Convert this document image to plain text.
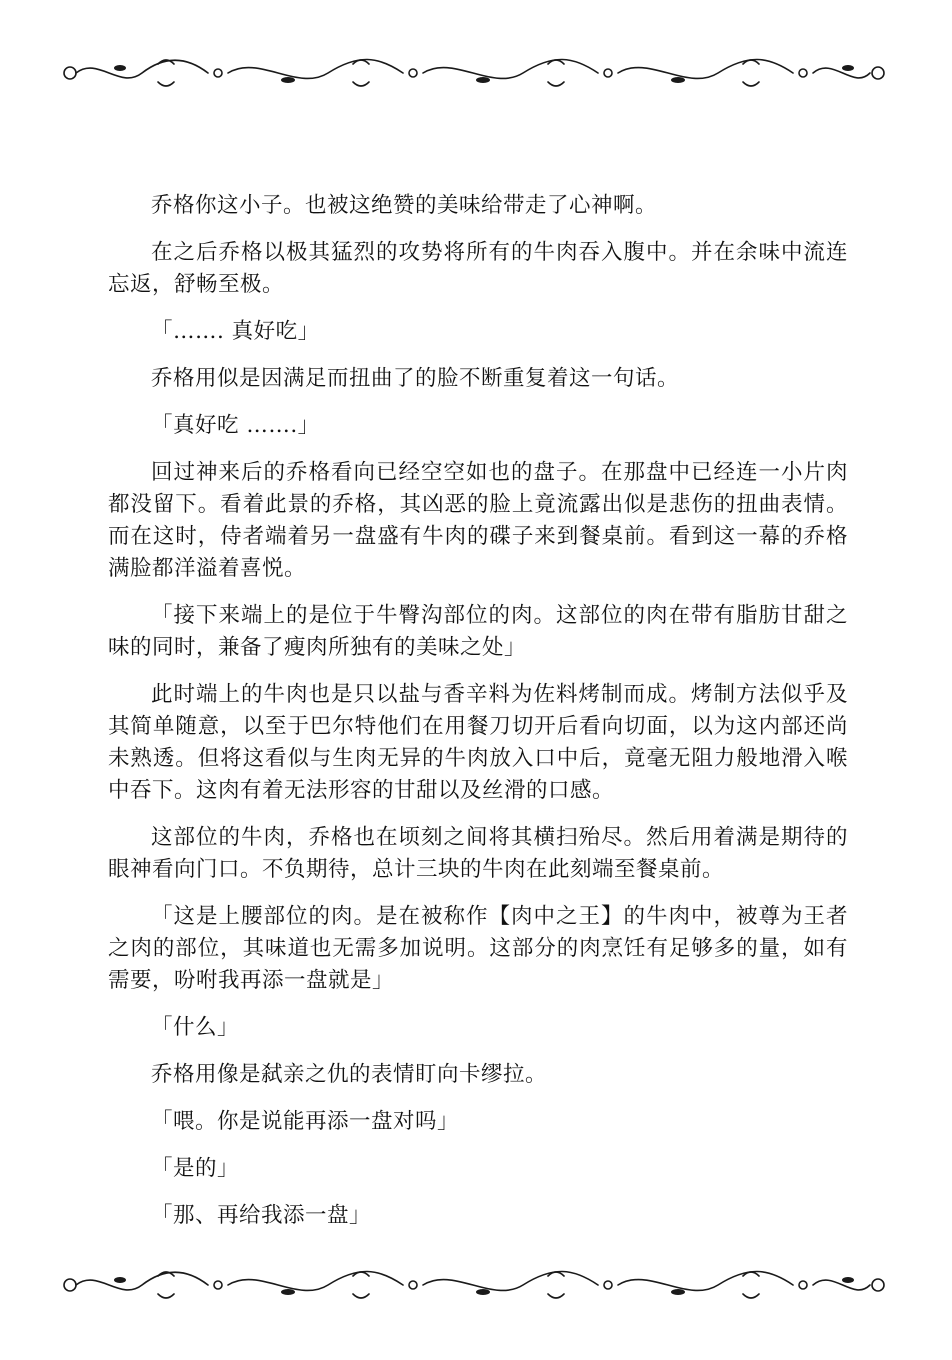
乔格你这小子。也被这绝赞的美味给带走了心神啊。

在之后乔格以极其猛烈的攻势将所有的牛肉吞入腹中。并在余味中流连忘返，舒畅至极。

「……. 真好吃」

乔格用似是因满足而扭曲了的脸不断重复着这一句话。

「真好吃 …….」

回过神来后的乔格看向已经空空如也的盘子。在那盘中已经连一小片肉都没留下。看着此景的乔格，其凶恶的脸上竟流露出似是悲伤的扭曲表情。而在这时，侍者端着另一盘盛有牛肉的碟子来到餐桌前。看到这一幕的乔格满脸都洋溢着喜悦。

「接下来端上的是位于牛臀沟部位的肉。这部位的肉在带有脂肪甘甜之味的同时，兼备了瘦肉所独有的美味之处」

此时端上的牛肉也是只以盐与香辛料为佐料烤制而成。烤制方法似乎及其简单随意，以至于巴尔特他们在用餐刀切开后看向切面，以为这内部还尚未熟透。但将这看似与生肉无异的牛肉放入口中后，竟毫无阻力般地滑入喉中吞下。这肉有着无法形容的甘甜以及丝滑的口感。

这部位的牛肉，乔格也在顷刻之间将其横扫殆尽。然后用着满是期待的眼神看向门口。不负期待，总计三块的牛肉在此刻端至餐桌前。

「这是上腰部位的肉。是在被称作【肉中之王】的牛肉中，被尊为王者之肉的部位，其味道也无需多加说明。这部分的肉烹饪有足够多的量，如有需要，吩咐我再添一盘就是」

「什么」

乔格用像是弑亲之仇的表情盯向卡缪拉。

「喂。你是说能再添一盘对吗」

「是的」

「那、再给我添一盘」
